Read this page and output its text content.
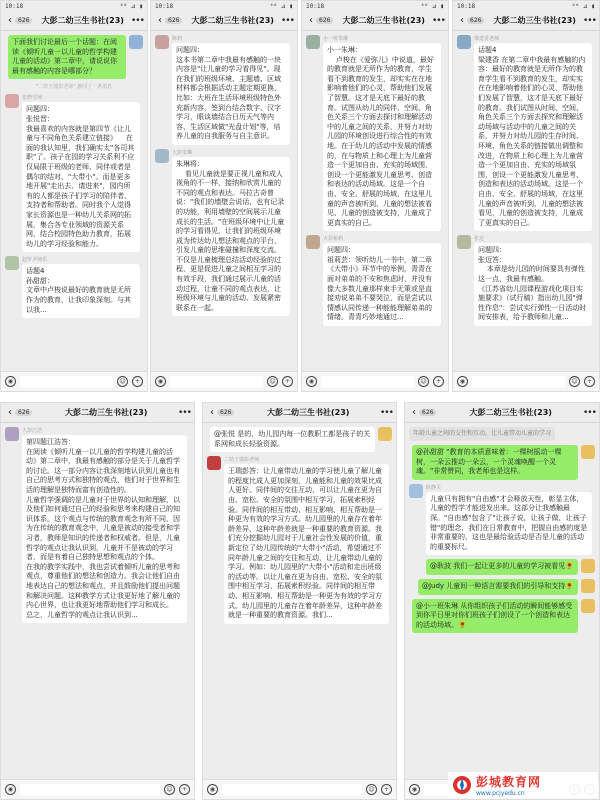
10:18	⁴⁶ ⊿ ▮
‹	626	大彭二幼三生书社(23) •••
下面我们讨论最后一个话题：在阅读《倾听儿童一以儿童的哲学构建儿童的活动》第二章中，请说说你最有感触的内容是哪部分？
"二幼玉瑞彭老师" 撤回了一条消息
张晓雪师
问题四：
张悦晋：
我最喜欢的内容就是第四节《让儿童与不同角色关系建立链接》    在面的我认知里，我们确实太"各司其职"了。孩子在园的学习关系利不应仅局限于班级的老师、同伴或者是偶尔的结对、"大带小"。而是更多地开展"走出去、请进来"，园内所有的人都是孩子们学习的陪伴者、支持者和帮助者。同时我个人觉得家长资源也是一种幼儿关系网的拓展，集合各专业领域的资源关系网，结合校园特色助力教育，拓展幼儿的学习经验和能力。
赵罗尹师乐
话题4
孙甜甜：
文章中卢梭说最好的教育就是无所作为的教育，让我印象深刻。与其以我...
◉	☺	+
10:18	⁴⁶ ⊿ ▮
‹	626	大彭二幼三生书社(23) •••
陈莉
问题四：
这本书第二章中我最有感触的一块内容是"让儿童的学习看得见"。现在我们的班级环境、主题墙、区域材料都会根据活动主题定期更换，比如：大班在生活环境班级特色外充新内容，签到台结合数字、汉字学习，眼谈墙结合日历天气等内容、生活区域做"光盘计划"等，培养儿童的自我服务与自主意识。
大彭朱琳
朱琳将：
看见儿童就是要正视儿童和成人视角的不一样，接纳和欣赏儿童的不同的观点和表达。马拉古奇曾说："我们的墙壁会说话，也有记录的功能，利用墙壁的空间展示儿童成长的生活。"在班级环境中让儿童的学习看得见，让我们的班级环境成为传达幼儿想法和观点的平台，引发儿童的思维碰撞和深度交流。不仅是儿童梳理总结活动经验的过程，更是促进儿童之间相互学习的有效手段，我们通过展示儿童的活动过程，让童不同的观点表达，让班级环境与儿童的活动、发展紧密联系在一起。
◉	☺	+
10:18	⁴⁶ ⊿ ▮
‹	626	大彭二幼三生书社(23) •••
小一班朱琳
小一朱琳：
卢梭在《爱弥儿》中说道，最好的教育就是无所作为的教育，学生看不到教育的发生，却实实在在地影响着他们的心灵，帮助他们发展了智慧。这才是天底下最好的教育。试图从幼儿的同伴、空间、角色关系三个方面去探讨和理解活动中的儿童之间的关系，并努力对幼儿园的环境创设进行综合性的有效地。在于幼儿的活动中发展的情感的，在与物质上和心理上为儿童营造一个更加自由、充实的场域围，创设一个更能激发儿童思考、创造和表达的活动场域。这是一个自由、安全、舒展的场域，在这里儿童的声音被听到、儿童的想法被看见、儿童的创造被支持，儿童成了更真实的自己。
大彭祖莉
问题四：
祖莉芸：领听幼儿一书中，第二章《大带小》环节中的举例，青青在面对弟弟的不安和焦虑时，并没有像大多数儿童那样束手无策或是直接劝说弟弟不要哭泣，而是尝试以情感认同传递一种能能理解弟弟的情绪。青青巧妙地通过...
◉	☺	+
10:18	⁴⁶ ⊿ ▮
‹	626	大彭二幼三生书社(23) •••
梁建香老师
话题4
梁建香 在第二章中我最有感触的内容：最好的教育就是无所作为的教育学生看不到教育的发生，却实实在在地影响着他们的心灵，帮助他们发展了智慧，这才是天底下最好的教育。我们试图从时间、空间、角色关系三个方面去探究和理解活动场域与活动中的儿童之间的关系，并努力对幼儿园的生存时间、环境、角色关系的链接做出调整和改进，在物质上和心理上为儿童营造一个更加自由、充实的场域氛围，创设一个更能激发儿童思考、创造和表达的活动场域。这是一个自由、安全、舒展的场域，在这里儿童的声音被听到，儿童的想法被看见，儿童的创造被支持，儿童成了更真实的自己。
张迈
问题四：
张迈答：
本章是幼儿园的时间要具有弹性这一点，我最有感触。
《江苏省幼儿园课程游戏化项目实施要求》（试行稿）指出幼儿园"弹性作息"：尝试实行弹性一日活动时间安排表，给予教师和儿童...
◉	☺	+
‹	626	大彭二幼三生书社(23)	•••
大彭江浩
第四题江浩答：
在阅读《倾听儿童一以儿童的哲学构建儿童的活动》第二章中，我最有感触的部分是关于儿童哲学的讨论。这一部分内容让我深刻地认识到儿童也有自己的思考方式和独特的观点，他们对于世界和生活的理解是独特而富有创造性的。
儿童哲学强调的是儿童对于世界的认知和理解，以及他们如何通过自己的经验和思考来构建自己的知识体系。这个观点与传统的教育观念有所不同，因为在传统的教育观念中，儿童是被动的接受者和学习者，教师是知识的传递者和权威者。但是，儿童哲学的观点让我认识到，儿童并不是被动的学习者，而是有着自己独特思想和观点的个体。
在我的教学实践中，我也尝试着倾听儿童的思考和观点，尊重他们的想法和创造力。我会让他们自由地表达自己的想法和观点，并且鼓励他们提出问题和解决问题。这种教学方式让我更好地了解儿童的内心世界，也让我更好地帮助他们学习和成长。
总之，儿童哲学的观点让我认识到...
◉	☺	+
‹	626	大彭二幼三生书社(23)	•••
@张悦 是的，幼儿园内每一位教职工都是孩子的关系网和成长轻验资源。
二幼王瑞彭老师
王瑞彭答：让儿童带动儿童的学习使儿童了解儿童的程度比成人更加深刻，儿童能和儿童的效果比成人更好。同伴间的交往互动，可以让儿童在更为自由、宽松、安全的氛围中相互学习，拓展索积经验。同伴间的相互带动、相互影响、相互帮助是一种更为有效的学习方式。幼儿园里的儿童存在着年龄差异，这种年龄差就是一种重要的教育资源。我们充分挖掘幼儿园对于儿童社会性发展的价值，重新定位了幼儿园传统的"大带小"活动，希望通过不同年龄儿童之间的交往和互动，让儿童带动儿童的学习。例如：幼儿园里的"大带小"活动和走出班级的活动等。以让儿童在更为自由、宽松、安全的氛围中相互学习，拓展索积经验。同伴间的相互带动、相互影响、相互帮助是一种更为有效的学习方式。幼儿园里的儿童存在着年龄差异，这种年龄差就是一种重要的教育资源。我们...
◉	☺	+
‹	626	大彭二幼三生书社(23)	•••
年龄儿童之间的交往和互动，让儿童带动儿童的学习
@孙甜甜 "教育的本质意味着：一棵树摇动一棵树，一朵云推动一朵云，一个灵魂唤醒一个灵魂。"非常赞同，我老师也是这样。
耿静关
儿童只有拥有"自由感"才会释放天性，彰显主体，儿童的哲学才能进发出来。这部分让我感触最深。"自由感"包含了"让孩子说，让孩子做，让孩子错"的理念，我们在日常教育中，把握自由感的度是非常重要的，这也是最给验活动是否是儿童的活动的重要标尺。
@耿波 我们一起让更多的儿童的学习被看见🌻
@Judy 儿童间一种语言需要我们的引导和支持🌻
@小一班朱琳 从你组织孩子们活动的瞬间能够感受到你平日里对你们班孩子们创设了一个创造和表达的活动场域。🌻
◉
彭城教育网
www.pcjyedu.cn
